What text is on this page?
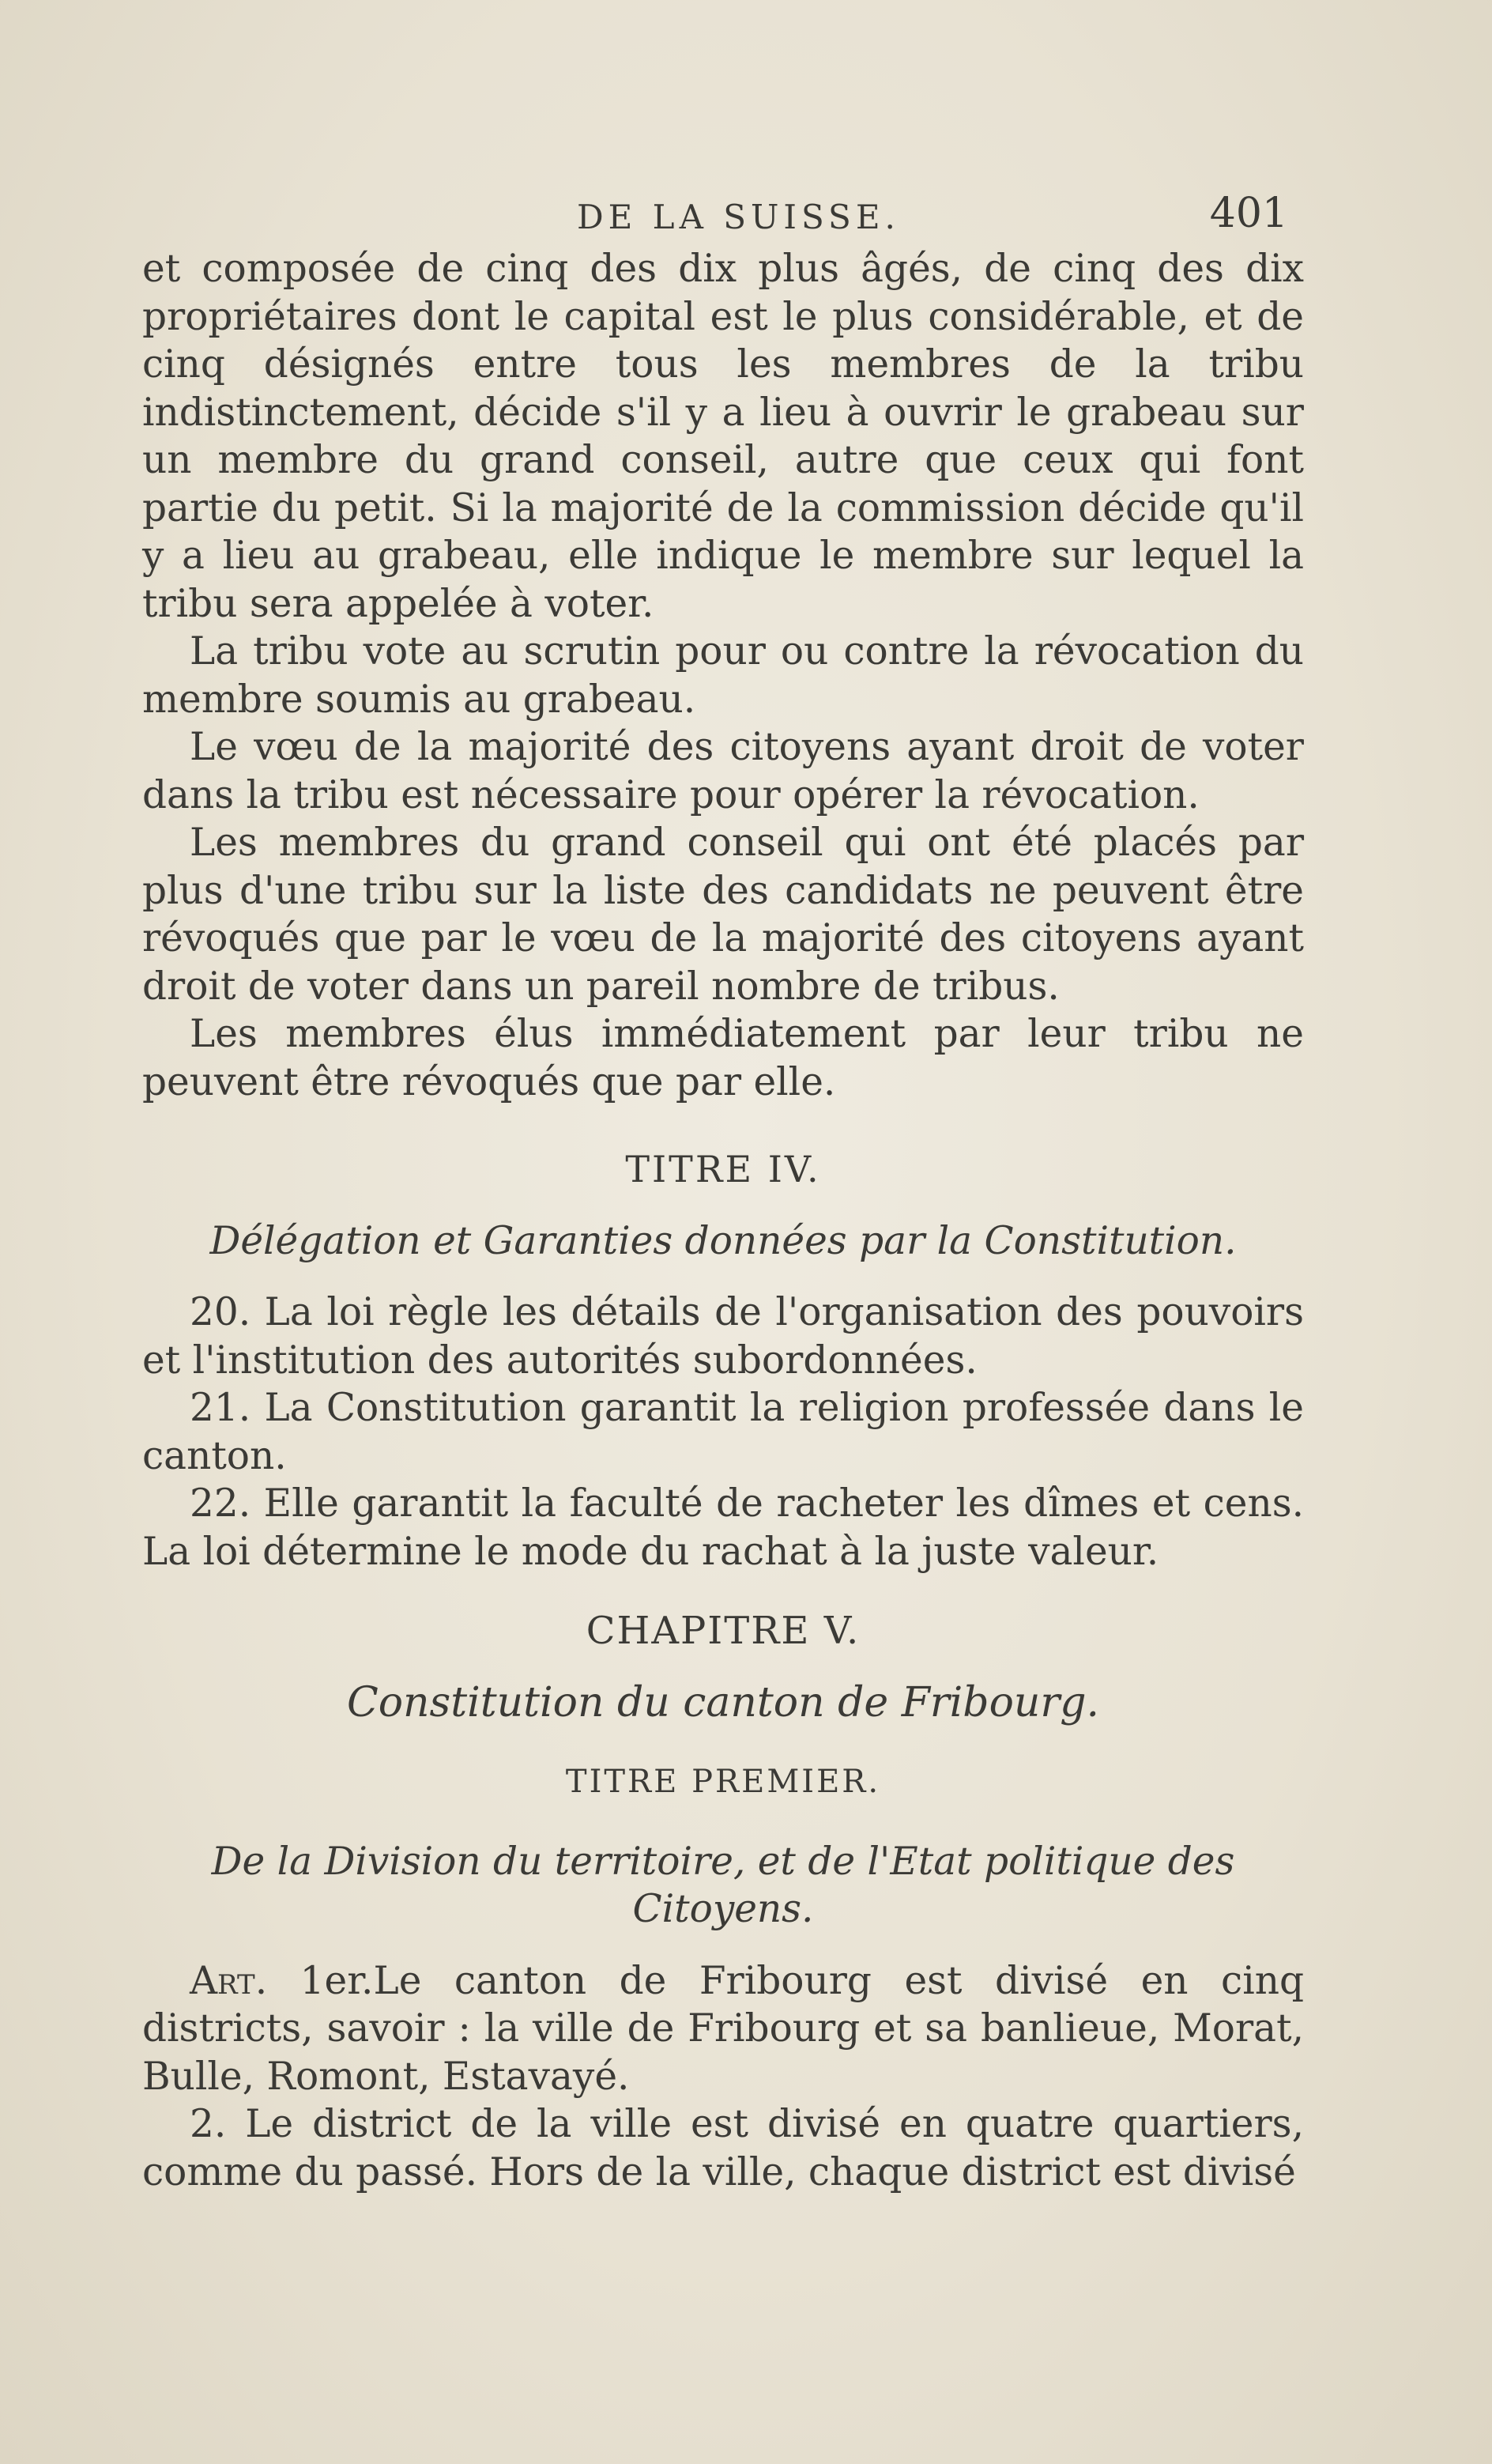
DE LA SUISSE.	401

et composée de cinq des dix plus âgés, de cinq des dix propriétaires dont le capital est le plus considérable, et de cinq désignés entre tous les membres de la tribu indistinctement, décide s'il y a lieu à ouvrir le grabeau sur un membre du grand conseil, autre que ceux qui font partie du petit. Si la majorité de la commission décide qu'il y a lieu au grabeau, elle indique le membre sur lequel la tribu sera appelée à voter.

La tribu vote au scrutin pour ou contre la révocation du membre soumis au grabeau.

Le vœu de la majorité des citoyens ayant droit de voter dans la tribu est nécessaire pour opérer la révocation.

Les membres du grand conseil qui ont été placés par plus d'une tribu sur la liste des candidats ne peuvent être révoqués que par le vœu de la majorité des citoyens ayant droit de voter dans un pareil nombre de tribus.

Les membres élus immédiatement par leur tribu ne peuvent être révoqués que par elle.

TITRE IV.

Délégation et Garanties données par la Constitution.

20. La loi règle les détails de l'organisation des pouvoirs et l'institution des autorités subordonnées.

21. La Constitution garantit la religion professée dans le canton.

22. Elle garantit la faculté de racheter les dîmes et cens. La loi détermine le mode du rachat à la juste valeur.

CHAPITRE V.

Constitution du canton de Fribourg.

TITRE PREMIER.

De la Division du territoire, et de l'Etat politique des Citoyens.

Art. 1er.Le canton de Fribourg est divisé en cinq districts, savoir : la ville de Fribourg et sa banlieue, Morat, Bulle, Romont, Estavayé.

2. Le district de la ville est divisé en quatre quartiers, comme du passé. Hors de la ville, chaque district est divisé
